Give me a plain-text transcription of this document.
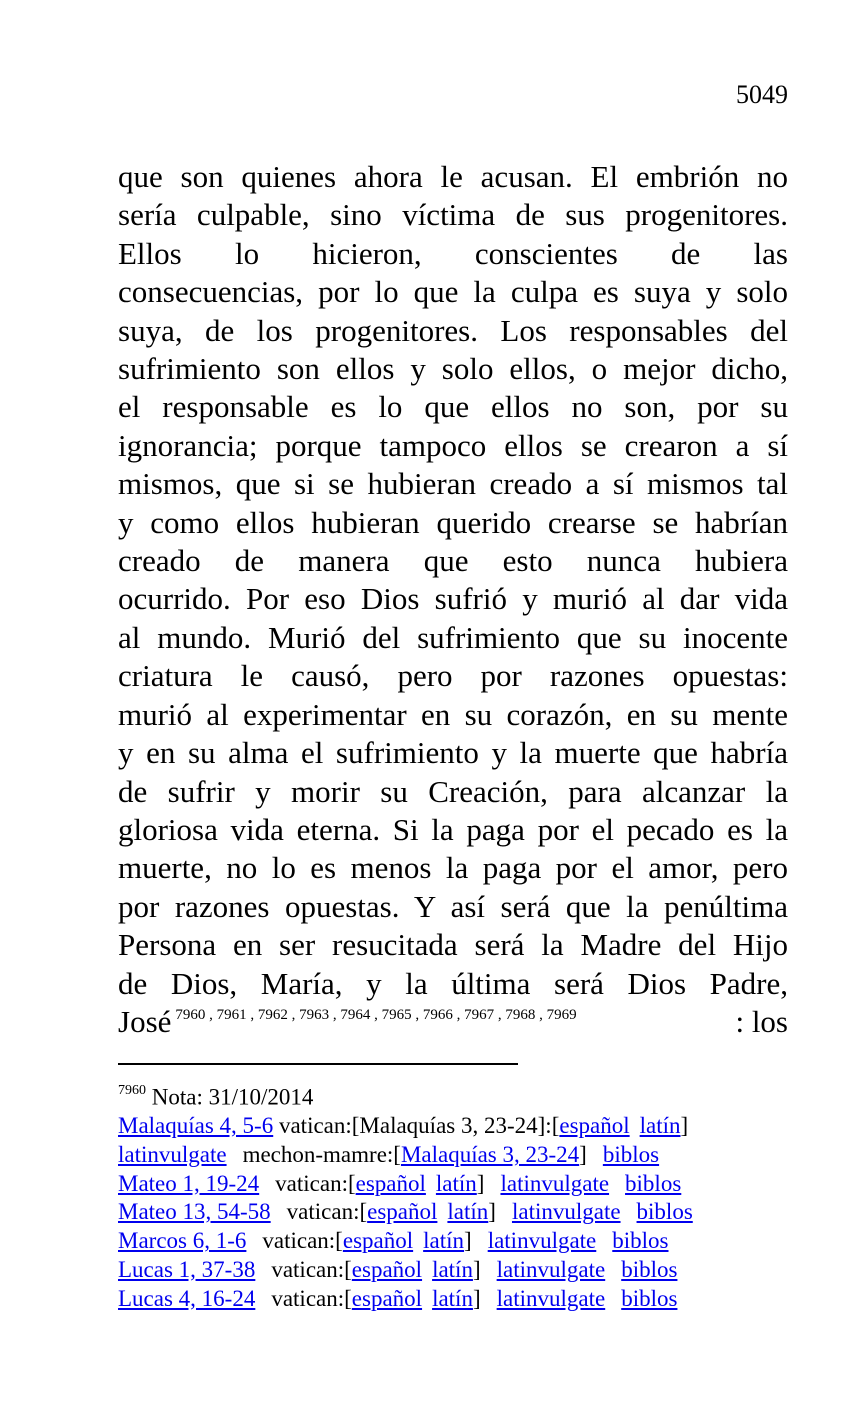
5049
que son quienes ahora le acusan. El embrión no
sería culpable, sino víctima de sus progenitores.
Ellos lo hicieron, conscientes de las
consecuencias, por lo que la culpa es suya y solo
suya, de los progenitores. Los responsables del
sufrimiento son ellos y solo ellos, o mejor dicho,
el responsable es lo que ellos no son, por su
ignorancia; porque tampoco ellos se crearon a sí
mismos, que si se hubieran creado a sí mismos tal
y como ellos hubieran querido crearse se habrían
creado de manera que esto nunca hubiera
ocurrido. Por eso Dios sufrió y murió al dar vida
al mundo. Murió del sufrimiento que su inocente
criatura le causó, pero por razones opuestas:
murió al experimentar en su corazón, en su mente
y en su alma el sufrimiento y la muerte que habría
de sufrir y morir su Creación, para alcanzar la
gloriosa vida eterna. Si la paga por el pecado es la
muerte, no lo es menos la paga por el amor, pero
por razones opuestas. Y así será que la penúltima
Persona en ser resucitada será la Madre del Hijo
de Dios, María, y la última será Dios Padre,
José $^{7960 , 7961 , 7962 , 7963 , 7964 , 7965 , 7966 , 7967 , 7968 , 7969}$	: los
$^{7960}$ Nota: 31/10/2014
Malaquías 4, 5-6 vatican:[Malaquías 3, 23-24]:[español latín]
latinvulgate mechon-mamre:[Malaquías 3, 23-24] biblos
Mateo 1, 19-24 vatican:[español latín] latinvulgate biblos
Mateo 13, 54-58 vatican:[español latín] latinvulgate biblos
Marcos 6, 1-6 vatican:[español latín] latinvulgate biblos
Lucas 1, 37-38 vatican:[español latín] latinvulgate biblos
Lucas 4, 16-24 vatican:[español latín] latinvulgate biblos
